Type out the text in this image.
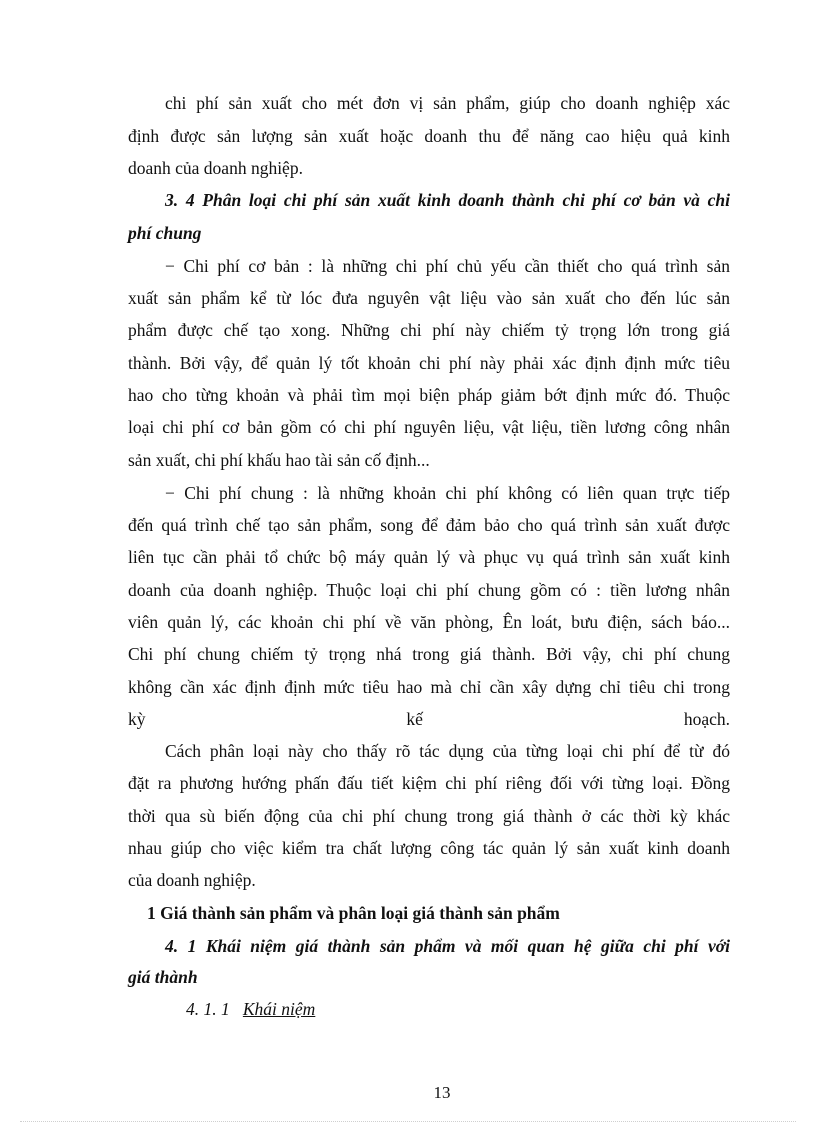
chi phí sản xuất cho mét đơn vị sản phẩm, giúp cho doanh nghiệp xác
định được sản lượng sản xuất hoặc doanh thu để năng cao hiệu quả kinh
doanh của doanh nghiệp.
3. 4 Phân loại chi phí sản xuất kinh doanh thành chi phí cơ bản và chi
phí chung
− Chi phí cơ bản : là những chi phí chủ yếu cần thiết cho quá trình sản
xuất sản phẩm kể từ lóc đưa nguyên vật liệu vào sản xuất cho đến lúc sản
phẩm được chế tạo xong. Những chi phí này chiếm tỷ trọng lớn trong giá
thành. Bởi vậy, để quản lý tốt khoản chi phí này phải xác định định mức tiêu
hao cho từng khoản và phải tìm mọi biện pháp giảm bớt định mức đó. Thuộc
loại chi phí cơ bản gồm có chi phí nguyên liệu, vật liệu, tiền lương công nhân
sản xuất, chi phí khấu hao tài sản cố định...
− Chi phí chung : là những khoản chi phí không có liên quan trực tiếp
đến quá trình chế tạo sản phẩm, song để đảm bảo cho quá trình sản xuất được
liên tục cần phải tổ chức bộ máy quản lý và phục vụ quá trình sản xuất kinh
doanh của doanh nghiệp. Thuộc loại chi phí chung gồm có : tiền lương nhân
viên quản lý, các khoản chi phí về văn phòng, Ên loát, bưu điện, sách báo...
Chi phí chung chiếm tỷ trọng nhá trong giá thành. Bởi vậy, chi phí chung
không cần xác định định mức tiêu hao mà chỉ cần xây dựng chỉ tiêu chi trong
kỳ kế hoạch.
Cách phân loại này cho thấy rõ tác dụng của từng loại chi phí để từ đó
đặt ra phương hướng phấn đấu tiết kiệm chi phí riêng đối với từng loại. Đồng
thời qua sù biến động của chi phí chung trong giá thành ở các thời kỳ khác
nhau giúp cho việc kiểm tra chất lượng công tác quản lý sản xuất kinh doanh
của doanh nghiệp.
1 Giá thành sản phẩm và phân loại giá thành sản phẩm
4. 1 Khái niệm giá thành sản phẩm và mối quan hệ giữa chi phí với
giá thành
4. 1. 1 Khái niệm
13
